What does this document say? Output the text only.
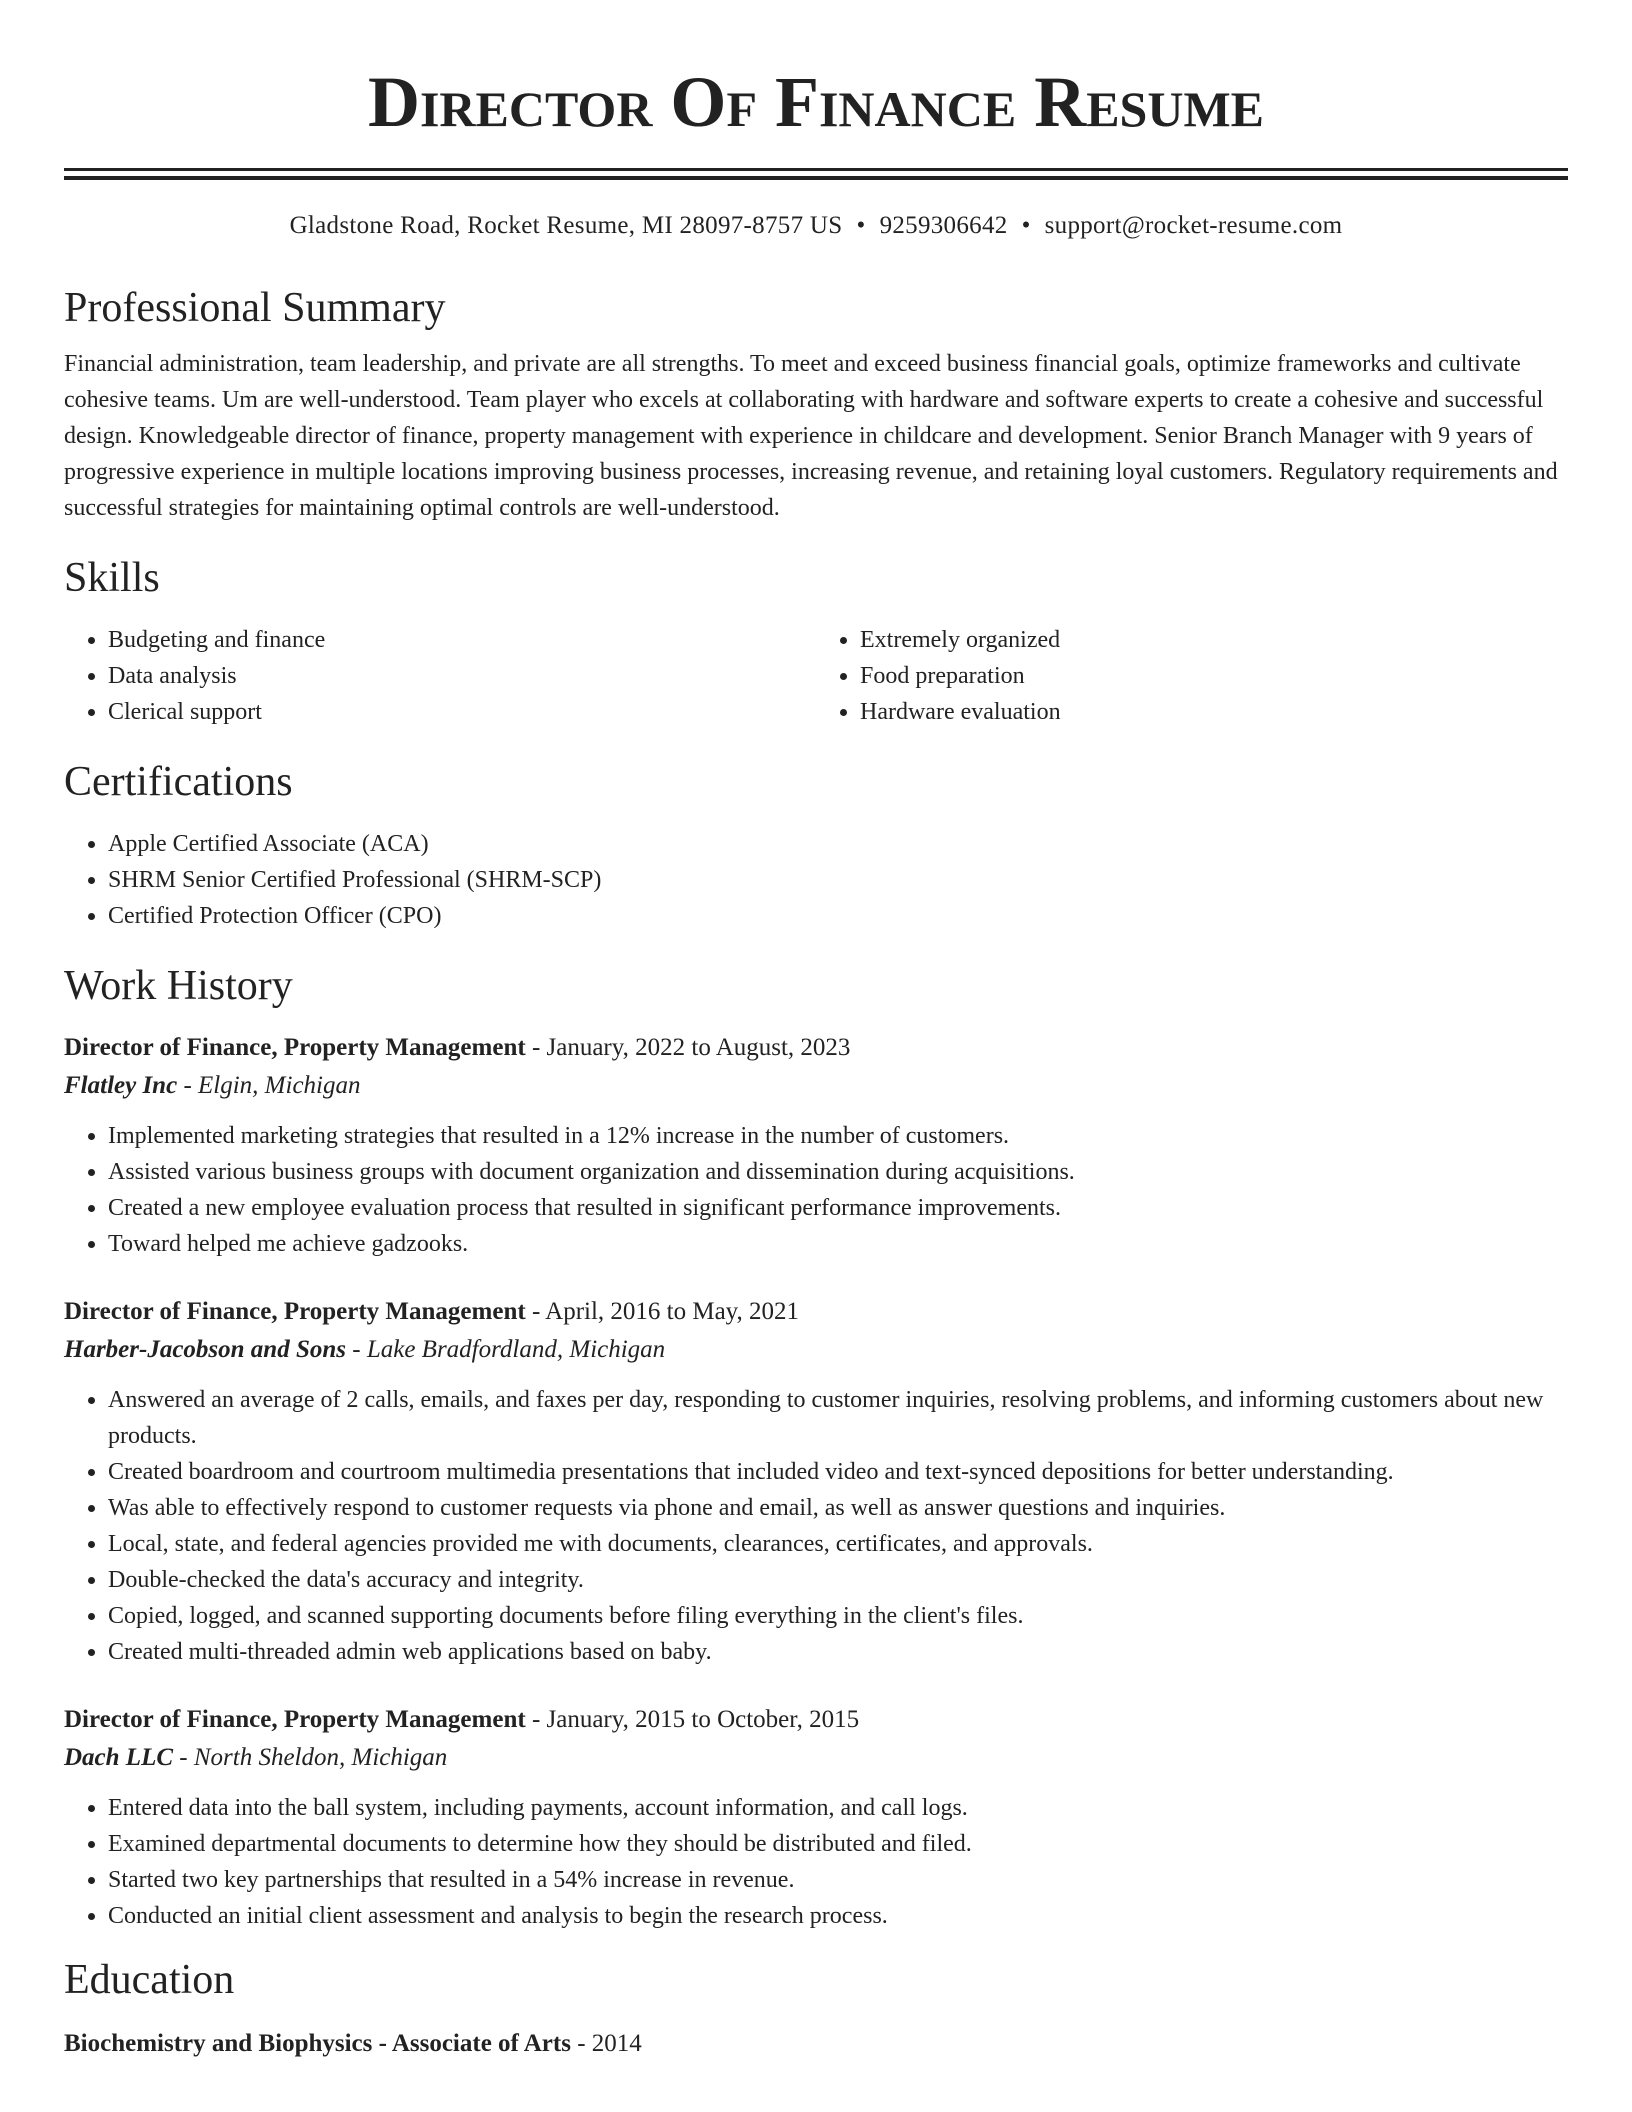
Director Of Finance Resume
Gladstone Road, Rocket Resume, MI 28097-8757 US • 9259306642 • support@rocket-resume.com
Professional Summary

Financial administration, team leadership, and private are all strengths. To meet and exceed business financial goals, optimize frameworks and cultivate cohesive teams. Um are well-understood. Team player who excels at collaborating with hardware and software experts to create a cohesive and successful design. Knowledgeable director of finance, property management with experience in childcare and development. Senior Branch Manager with 9 years of progressive experience in multiple locations improving business processes, increasing revenue, and retaining loyal customers. Regulatory requirements and successful strategies for maintaining optimal controls are well-understood.

Skills
• Budgeting and finance
• Data analysis
• Clerical support
• Extremely organized
• Food preparation
• Hardware evaluation
Certifications
• Apple Certified Associate (ACA)
• SHRM Senior Certified Professional (SHRM-SCP)
• Certified Protection Officer (CPO)
Work History
Director of Finance, Property Management - January, 2022 to August, 2023
Flatley Inc - Elgin, Michigan
• Implemented marketing strategies that resulted in a 12% increase in the number of customers.
• Assisted various business groups with document organization and dissemination during acquisitions.
• Created a new employee evaluation process that resulted in significant performance improvements.
• Toward helped me achieve gadzooks.
Director of Finance, Property Management - April, 2016 to May, 2021
Harber-Jacobson and Sons - Lake Bradfordland, Michigan
• Answered an average of 2 calls, emails, and faxes per day, responding to customer inquiries, resolving problems, and informing customers about new products.
• Created boardroom and courtroom multimedia presentations that included video and text-synced depositions for better understanding.
• Was able to effectively respond to customer requests via phone and email, as well as answer questions and inquiries.
• Local, state, and federal agencies provided me with documents, clearances, certificates, and approvals.
• Double-checked the data's accuracy and integrity.
• Copied, logged, and scanned supporting documents before filing everything in the client's files.
• Created multi-threaded admin web applications based on baby.
Director of Finance, Property Management - January, 2015 to October, 2015
Dach LLC - North Sheldon, Michigan
• Entered data into the ball system, including payments, account information, and call logs.
• Examined departmental documents to determine how they should be distributed and filed.
• Started two key partnerships that resulted in a 54% increase in revenue.
• Conducted an initial client assessment and analysis to begin the research process.
Education
Biochemistry and Biophysics - Associate of Arts - 2014
